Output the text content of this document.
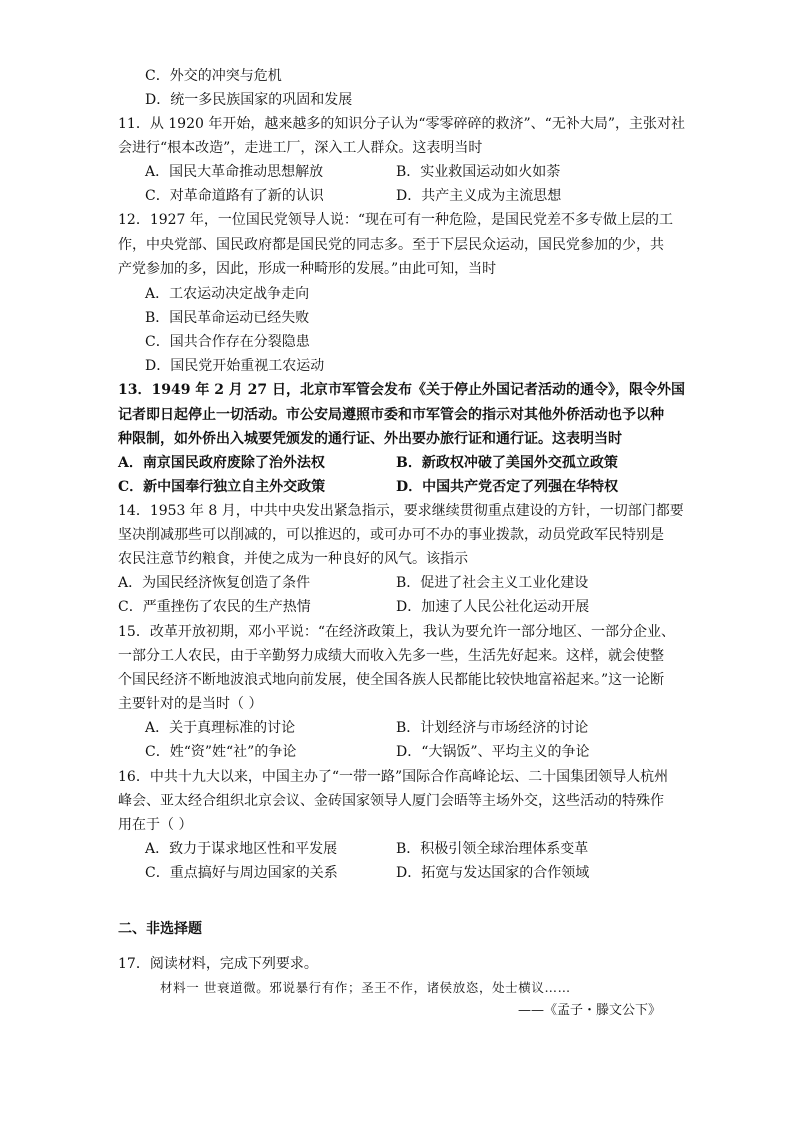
C．外交的冲突与危机
D．统一多民族国家的巩固和发展
11．从 1920 年开始，越来越多的知识分子认为“零零碎碎的救济”、“无补大局”，主张对社
会进行“根本改造”，走进工厂，深入工人群众。这表明当时
A．国民大革命推动思想解放	B．实业救国运动如火如荼
C．对革命道路有了新的认识	D．共产主义成为主流思想
12．1927 年，一位国民党领导人说：“现在可有一种危险，是国民党差不多专做上层的工
作，中央党部、国民政府都是国民党的同志多。至于下层民众运动，国民党参加的少，共
产党参加的多，因此，形成一种畸形的发展。”由此可知，当时
A．工农运动决定战争走向
B．国民革命运动已经失败
C．国共合作存在分裂隐患
D．国民党开始重视工农运动
13．1949 年 2 月 27 日，北京市军管会发布《关于停止外国记者活动的通令》，限令外国
记者即日起停止一切活动。市公安局遵照市委和市军管会的指示对其他外侨活动也予以种
种限制，如外侨出入城要凭颁发的通行证、外出要办旅行证和通行证。这表明当时
A．南京国民政府废除了治外法权	B．新政权冲破了美国外交孤立政策
C．新中国奉行独立自主外交政策	D．中国共产党否定了列强在华特权
14．1953 年 8 月，中共中央发出紧急指示，要求继续贯彻重点建设的方针，一切部门都要
坚决削减那些可以削减的，可以推迟的，或可办可不办的事业拨款，动员党政军民特别是
农民注意节约粮食，并使之成为一种良好的风气。该指示
A．为国民经济恢复创造了条件	B．促进了社会主义工业化建设
C．严重挫伤了农民的生产热情	D．加速了人民公社化运动开展
15．改革开放初期，邓小平说：“在经济政策上，我认为要允许一部分地区、一部分企业、
一部分工人农民，由于辛勤努力成绩大而收入先多一些，生活先好起来。这样，就会使整
个国民经济不断地波浪式地向前发展，使全国各族人民都能比较快地富裕起来。”这一论断
主要针对的是当时（ ）
A．关于真理标准的讨论	B．计划经济与市场经济的讨论
C．姓“资”姓“社”的争论	D．“大锅饭”、平均主义的争论
16．中共十九大以来，中国主办了“一带一路”国际合作高峰论坛、二十国集团领导人杭州
峰会、亚太经合组织北京会议、金砖国家领导人厦门会晤等主场外交，这些活动的特殊作
用在于（ ）
A．致力于谋求地区性和平发展	B．积极引领全球治理体系变革
C．重点搞好与周边国家的关系	D．拓宽与发达国家的合作领域
二、非选择题
17．阅读材料，完成下列要求。
材料一 世衰道微。邪说暴行有作；圣王不作，诸侯放恣，处士横议……
——《孟子・滕文公下》
